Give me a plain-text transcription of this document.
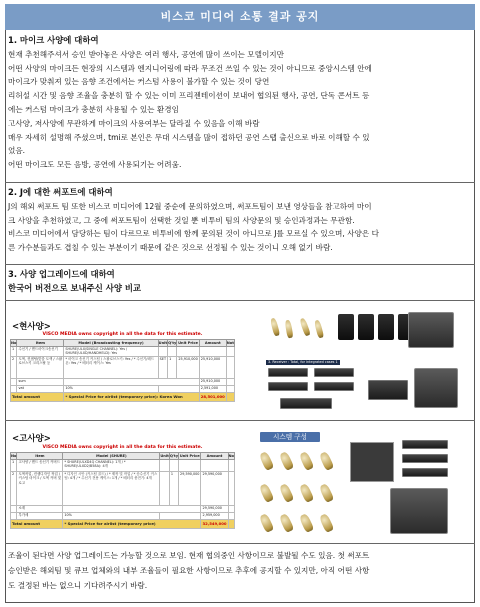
비스코 미디어 소통 결과 공지
1. 마이크 사양에 대하여

현재 추천해주셔서 승인 받아놓은 사양은 여러 행사, 공연에 많이 쓰이는 모델이지만

어떤 사양의 마이크든 현장의 시스템과 엔지니어링에 따라 무조건 쓰일 수 있는 것이 아니므로 중앙시스템 안에

마이크가 맞춰져 있는 음향 조건에서는 커스텀 사용이 불가할 수 있는 것이 당연

리허설 시간 및 음향 조율을 충분히 할 수 있는 이미 프리젠테이션이 보내어 협의된 행사, 공연, 단독 콘서트 등

에는 커스텀 마이크가 충분히 사용될 수 있는 환경임

고사양, 저사양에 무관하게 마이크의 사용여부는 달라질 수 있음을 이해 바람

매우 자세히 설명해 주셨으며, tmi로 본인은 무대 시스템을 많이 접하던 공연 스탭 출신으로 바로 이해할 수 있

었음.

어떤 마이크도 모든 음방, 공연에 사용되기는 어려움.

2. J에 대한 써포트에 대하여

J의 해외 써포트 팀 또한 비스코 미디어에 12월 중순에 문의하였으며, 써포트팀이 보낸 영상들을 참고하여 마이

크 사양을 추천하였고, 그 중에 써포트팀이 선택한 것일 뿐 비투비 팀의 사양문의 및 승인과정과는 무관함.

비스코 미디어에서 담당하는 팀이 다르므로 비투비에 함께 문의된 것이 아니므로 J를 모르실 수 있으며, 사양은 다

른 가수분들과도 겹칠 수 있는 부분이기 때문에 같은 것으로 선정될 수 있는 것이니 오해 없기 바람.

3. 사양 업그레이드에 대하여

한국어 버전으로 보내주신 사양 비교

<현사양>
VISCO MEDIA owns copyright in all the data for this estimate.
No	Item	Model (Broadcasting frequency)	Unit	Q'ty	Unit Price	Amount	Not
1	수신기 / 핸드마이크송신기	SHURE(ULX/SINGLE CHANNEL): Yes / SHURE(ULXD/HANDHELD): Yes					
2	도색, 컨셉팅/맞춤 도색 / 스왈로브스키 크리스탈 등	* 마이크 송신기 커스텀 / 스왈로브스키: Yes / * 수신기/헤드폰: Yes / * 배터리 케이스: Yes	SET	1	25,910,000	25,910,000	
	sum					25,910,000	
	vat	10%				2,591,000	
Total amount		* Special Price for airlist (temporary price): Korea Won				28,501,000	
3. Receiver : Total, for integrated cases 1
<고사양>
VISCO MEDIA owns copyright in all the data for this estimate.
No	Item	Model (SHURE)	Unit	Q'ty	Unit Price	Amount	No
1	고사양 / 핸드 송신기 커버드	* SHURE(ULXD4Q CHANNEL): 1개 / * SHURE(ULXD2/B58A): 4개					
2	도색작업, 컨셉디자인 작업 / 커스텀 마이크 / 도색 커버 및 로고	* 디자인 시안 (커스텀 골드) / * 제작 및 작업 / * 송수신기 커스텀: 4개 / * 수신기 전용 케이스: 1개 / * 배터리 충전기: 4개		1	29,590,000	29,590,000	
	소계					29,590,000	
	부가세	10%				2,959,000	
Total amount		* Special Price for airlist (temporary price)				32,549,000	
시스템 구성

조율이 된다면 사양 업그레이드는 가능할 것으로 보임. 현재 협의중인 사항이므로 불발될 수도 있음. 첫 써포트

승인받은 해외팀 및 큐브 업체와의 내부 조율들이 필요한 사항이므로 추후에 공지할 수 있지만, 아직 어떤 사항

도 결정된 바는 없으니 기다려주시기 바람.
